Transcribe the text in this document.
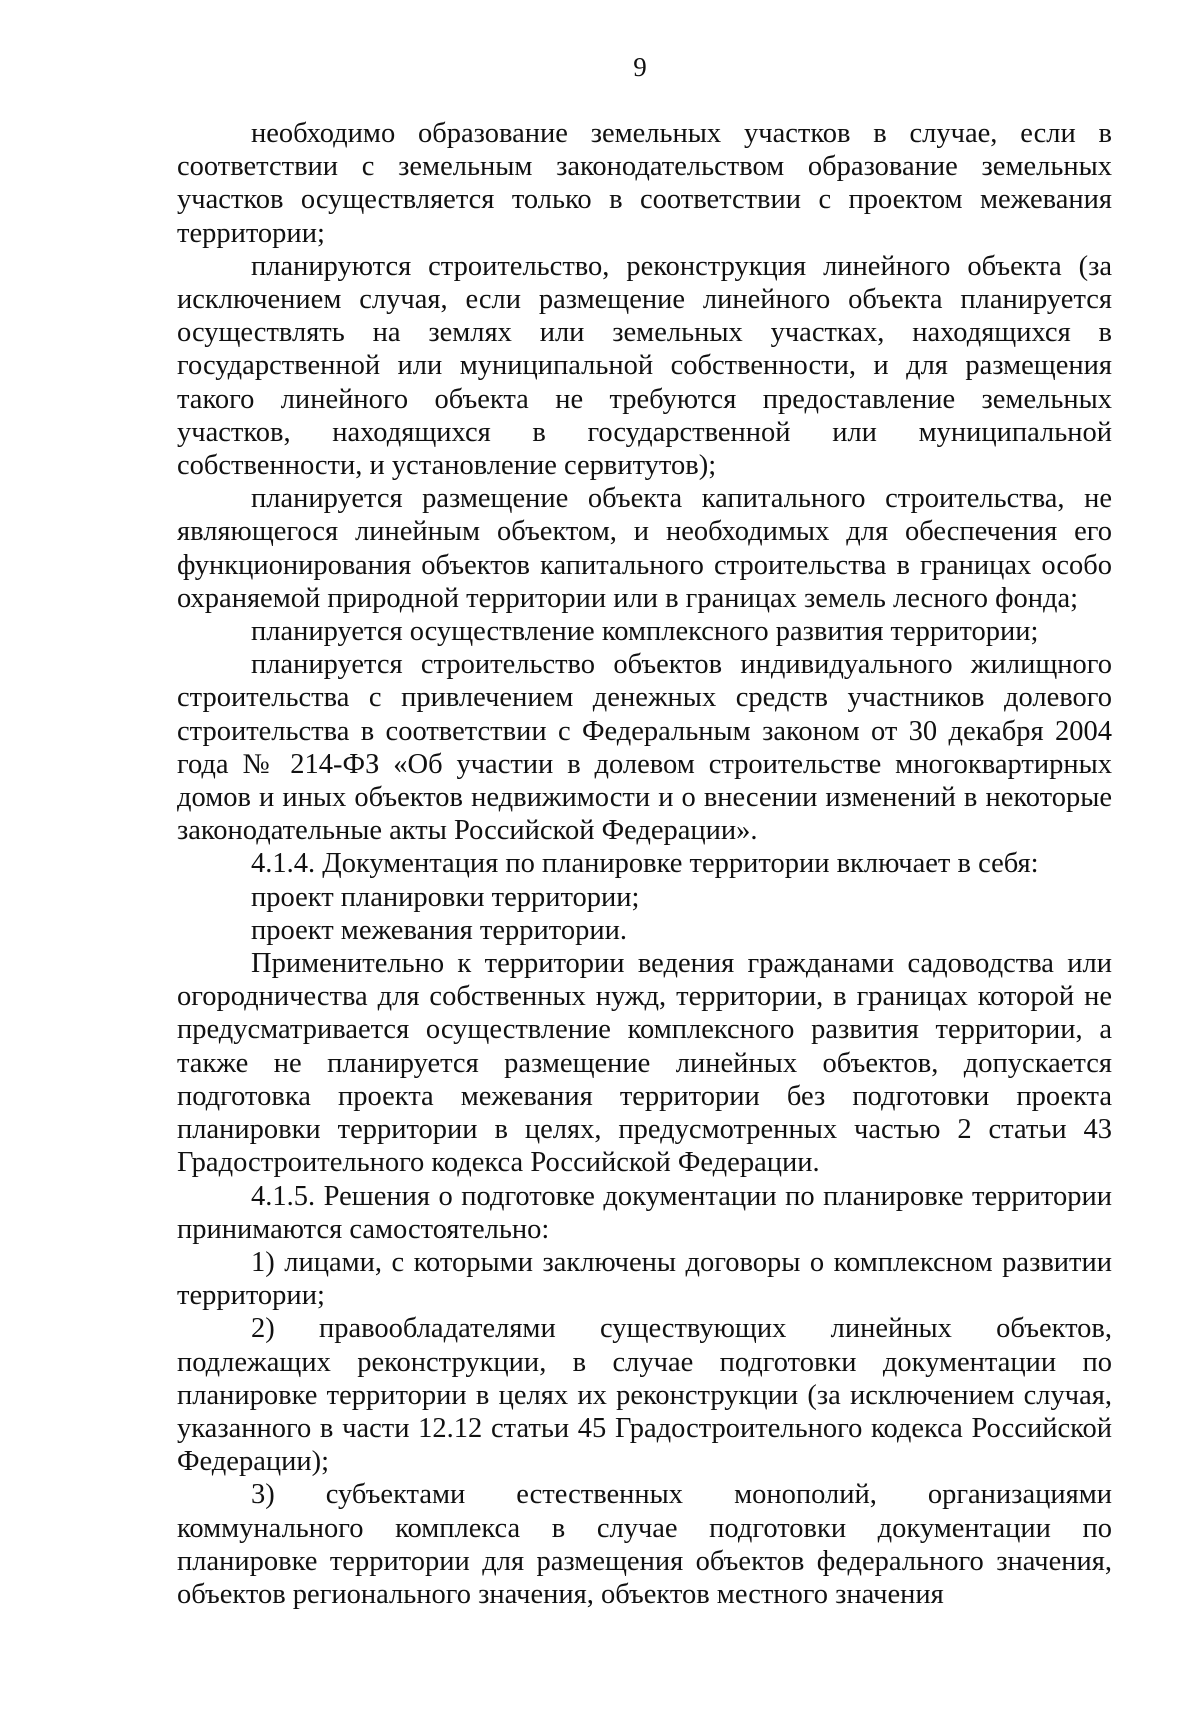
9

необходимо образование земельных участков в случае, если в соответствии с земельным законодательством образование земельных участков осуществляется только в соответствии с проектом межевания территории;

планируются строительство, реконструкция линейного объекта (за исключением случая, если размещение линейного объекта планируется осуществлять на землях или земельных участках, находящихся в государственной или муниципальной собственности, и для размещения такого линейного объекта не требуются предоставление земельных участков, находящихся в государственной или муниципальной собственности, и установление сервитутов);

планируется размещение объекта капитального строительства, не являющегося линейным объектом, и необходимых для обеспечения его функционирования объектов капитального строительства в границах особо охраняемой природной территории или в границах земель лесного фонда;

планируется осуществление комплексного развития территории;

планируется строительство объектов индивидуального жилищного строительства с привлечением денежных средств участников долевого строительства в соответствии с Федеральным законом от 30 декабря 2004 года № 214-ФЗ «Об участии в долевом строительстве многоквартирных домов и иных объектов недвижимости и о внесении изменений в некоторые законодательные акты Российской Федерации».

4.1.4. Документация по планировке территории включает в себя:

проект планировки территории;

проект межевания территории.

Применительно к территории ведения гражданами садоводства или огородничества для собственных нужд, территории, в границах которой не предусматривается осуществление комплексного развития территории, а также не планируется размещение линейных объектов, допускается подготовка проекта межевания территории без подготовки проекта планировки территории в целях, предусмотренных частью 2 статьи 43 Градостроительного кодекса Российской Федерации.

4.1.5. Решения о подготовке документации по планировке территории принимаются самостоятельно:

1) лицами, с которыми заключены договоры о комплексном развитии территории;

2) правообладателями существующих линейных объектов, подлежащих реконструкции, в случае подготовки документации по планировке территории в целях их реконструкции (за исключением случая, указанного в части 12.12 статьи 45 Градостроительного кодекса Российской Федерации);

3) субъектами естественных монополий, организациями коммунального комплекса в случае подготовки документации по планировке территории для размещения объектов федерального значения, объектов регионального значения, объектов местного значения
